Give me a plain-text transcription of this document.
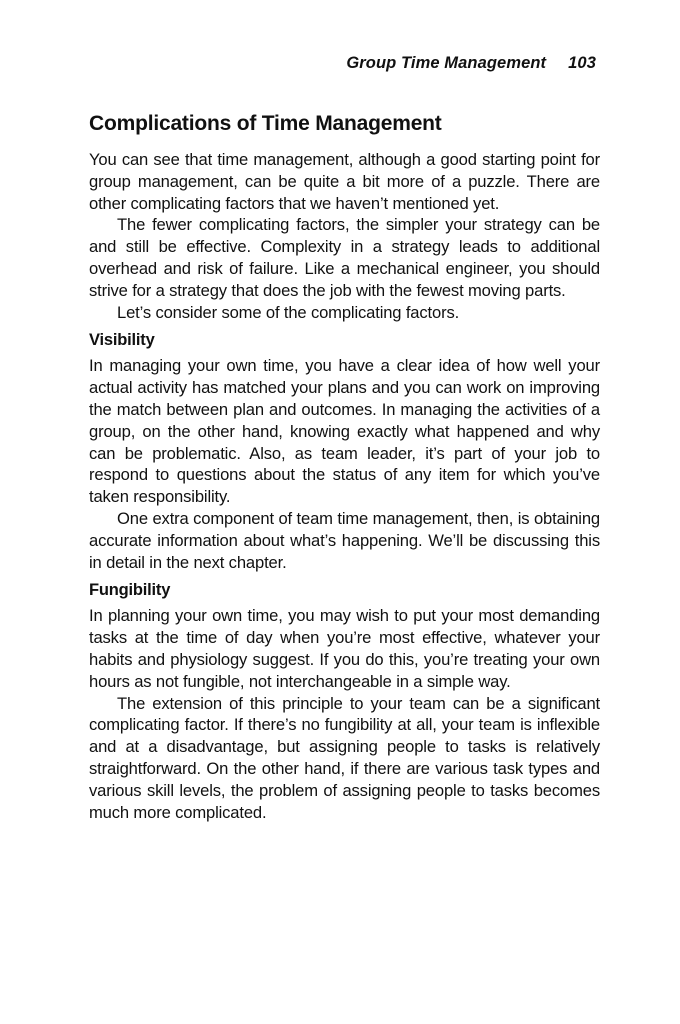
Group Time Management 103
Complications of Time Management

You can see that time management, although a good starting point for group management, can be quite a bit more of a puzzle. There are other complicating factors that we haven’t mentioned yet.

The fewer complicating factors, the simpler your strategy can be and still be effective. Complexity in a strategy leads to additional overhead and risk of failure. Like a mechanical engineer, you should strive for a strategy that does the job with the fewest moving parts.

Let’s consider some of the complicating factors.

Visibility

In managing your own time, you have a clear idea of how well your actual activity has matched your plans and you can work on improving the match between plan and outcomes. In managing the activities of a group, on the other hand, knowing exactly what happened and why can be problematic. Also, as team leader, it’s part of your job to respond to questions about the status of any item for which you’ve taken responsibility.

One extra component of team time management, then, is obtaining accurate information about what’s happening. We’ll be discussing this in detail in the next chapter.

Fungibility

In planning your own time, you may wish to put your most demanding tasks at the time of day when you’re most effective, whatever your habits and physiology suggest. If you do this, you’re treating your own hours as not fungible, not interchangeable in a simple way.

The extension of this principle to your team can be a significant complicating factor. If there’s no fungibility at all, your team is inflexible and at a disadvantage, but assigning people to tasks is relatively straightforward. On the other hand, if there are various task types and various skill levels, the problem of assigning people to tasks becomes much more complicated.
